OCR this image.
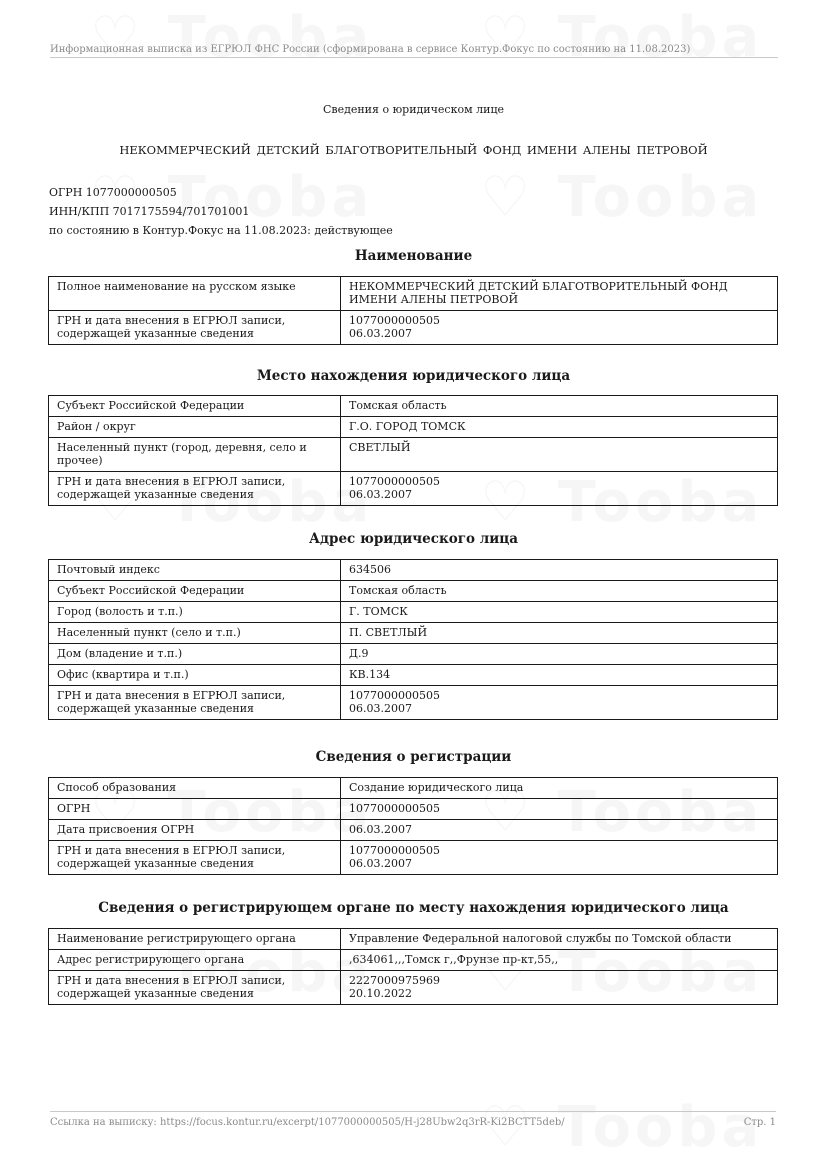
Информационная выписка из ЕГРЮЛ ФНС России (сформирована в сервисе Контур.Фокус по состоянию на 11.08.2023)
Сведения о юридическом лице
НЕКОММЕРЧЕСКИЙ ДЕТСКИЙ БЛАГОТВОРИТЕЛЬНЫЙ ФОНД ИМЕНИ АЛЕНЫ ПЕТРОВОЙ
ОГРН 1077000000505
ИНН/КПП 7017175594/701701001
по состоянию в Контур.Фокус на 11.08.2023: действующее
Наименование
Полное наименование на русском языке	НЕКОММЕРЧЕСКИЙ ДЕТСКИЙ БЛАГОТВОРИТЕЛЬНЫЙ ФОНД ИМЕНИ АЛЕНЫ ПЕТРОВОЙ
ГРН и дата внесения в ЕГРЮЛ записи, содержащей указанные сведения	1077000000505
06.03.2007
Место нахождения юридического лица
Субъект Российской Федерации	Томская область
Район / округ	Г.О. ГОРОД ТОМСК
Населенный пункт (город, деревня, село и прочее)	СВЕТЛЫЙ
ГРН и дата внесения в ЕГРЮЛ записи, содержащей указанные сведения	1077000000505
06.03.2007
Адрес юридического лица
Почтовый индекс	634506
Субъект Российской Федерации	Томская область
Город (волость и т.п.)	Г. ТОМСК
Населенный пункт (село и т.п.)	П. СВЕТЛЫЙ
Дом (владение и т.п.)	Д.9
Офис (квартира и т.п.)	КВ.134
ГРН и дата внесения в ЕГРЮЛ записи, содержащей указанные сведения	1077000000505
06.03.2007
Сведения о регистрации
Способ образования	Создание юридического лица
ОГРН	1077000000505
Дата присвоения ОГРН	06.03.2007
ГРН и дата внесения в ЕГРЮЛ записи, содержащей указанные сведения	1077000000505
06.03.2007
Сведения о регистрирующем органе по месту нахождения юридического лица
Наименование регистрирующего органа	Управление Федеральной налоговой службы по Томской области
Адрес регистрирующего органа	,634061,,,Томск г,,Фрунзе пр-кт,55,,
ГРН и дата внесения в ЕГРЮЛ записи, содержащей указанные сведения	2227000975969
20.10.2022
Ссылка на выписку: https://focus.kontur.ru/excerpt/1077000000505/H-j28Ubw2q3rR-Ki2BCTT5deb/	Стр. 1
